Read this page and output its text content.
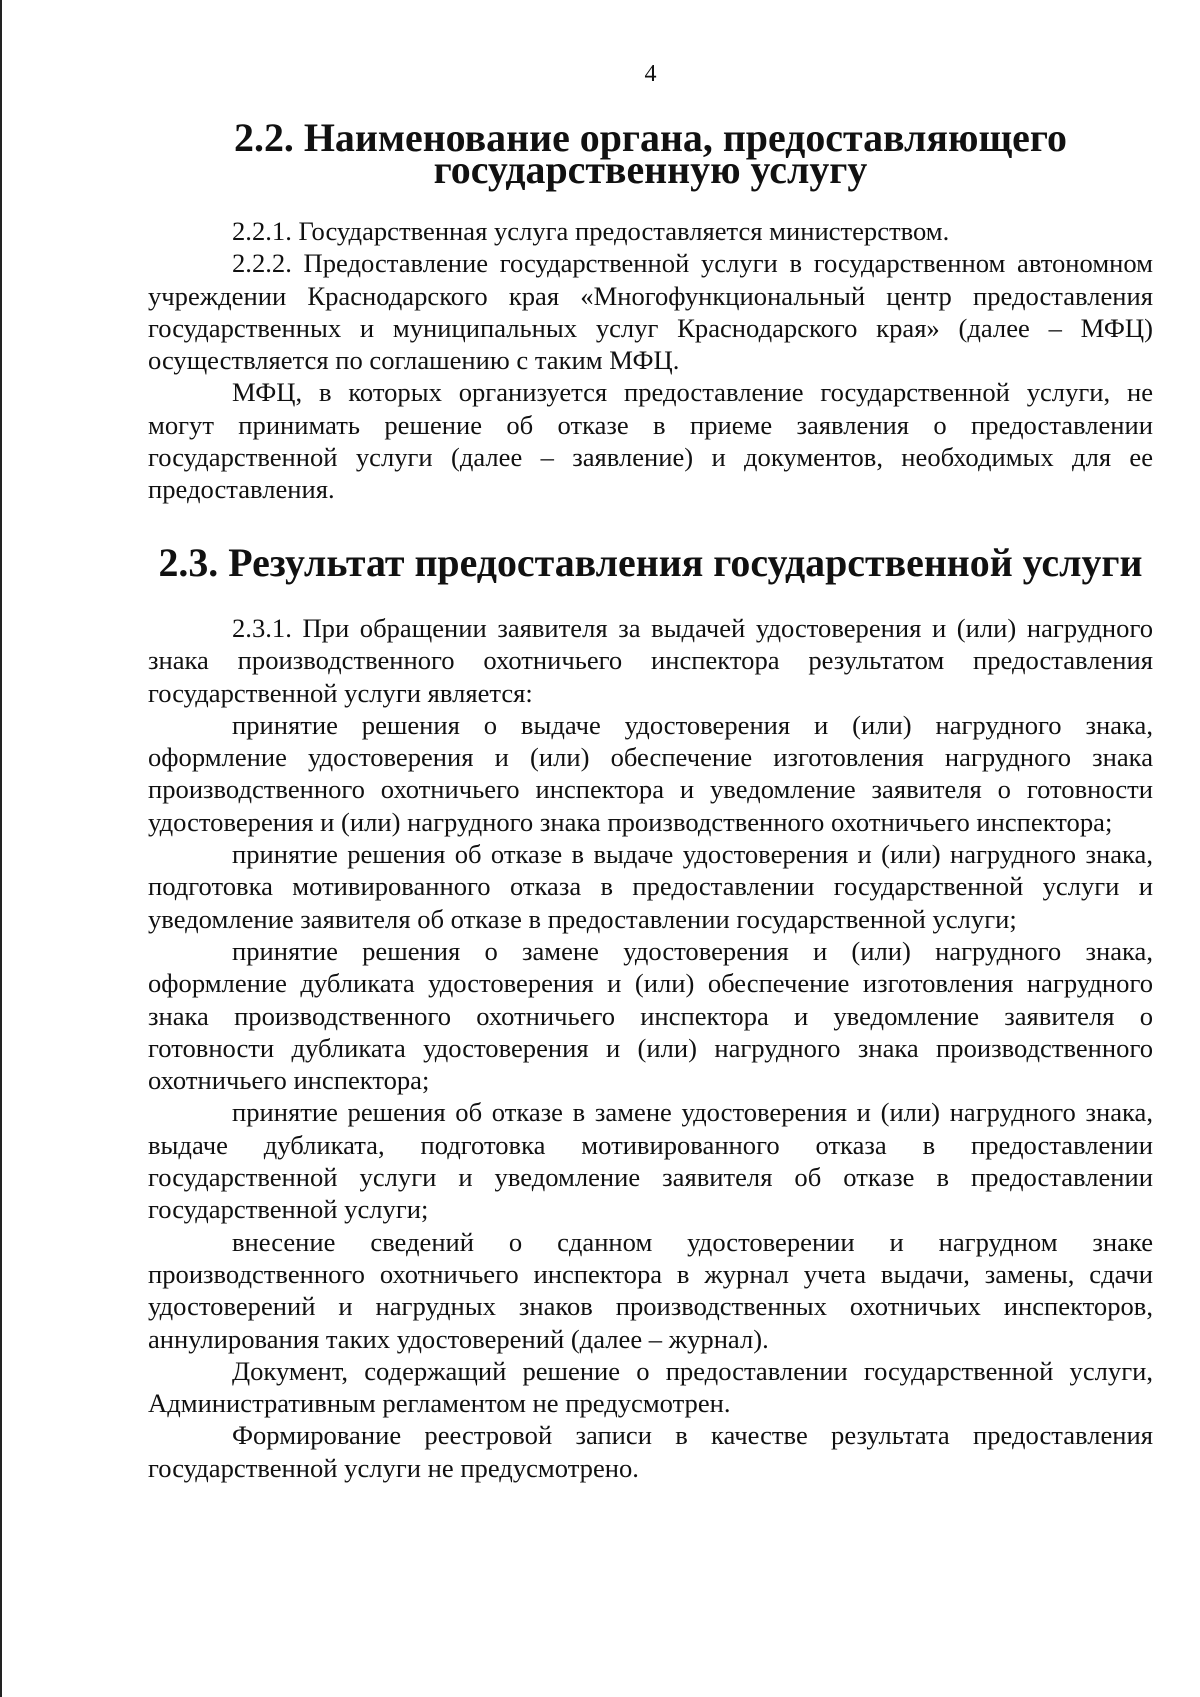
4
2.2. Наименование органа, предоставляющего
государственную услугу

2.2.1. Государственная услуга предоставляется министерством.

2.2.2. Предоставление государственной услуги в государственном автономном учреждении Краснодарского края «Многофункциональный центр предоставления государственных и муниципальных услуг Краснодарского края» (далее – МФЦ) осуществляется по соглашению с таким МФЦ.

МФЦ, в которых организуется предоставление государственной услуги, не могут принимать решение об отказе в приеме заявления о предоставлении государственной услуги (далее – заявление) и документов, необходимых для ее предоставления.

2.3. Результат предоставления государственной услуги

2.3.1. При обращении заявителя за выдачей удостоверения и (или) нагрудного знака производственного охотничьего инспектора результатом предоставления государственной услуги является:

принятие решения о выдаче удостоверения и (или) нагрудного знака, оформление удостоверения и (или) обеспечение изготовления нагрудного знака производственного охотничьего инспектора и уведомление заявителя о готовности удостоверения и (или) нагрудного знака производственного охотничьего инспектора;

принятие решения об отказе в выдаче удостоверения и (или) нагрудного знака, подготовка мотивированного отказа в предоставлении государственной услуги и уведомление заявителя об отказе в предоставлении государственной услуги;

принятие решения о замене удостоверения и (или) нагрудного знака, оформление дубликата удостоверения и (или) обеспечение изготовления нагрудного знака производственного охотничьего инспектора и уведомление заявителя о готовности дубликата удостоверения и (или) нагрудного знака производственного охотничьего инспектора;

принятие решения об отказе в замене удостоверения и (или) нагрудного знака, выдаче дубликата, подготовка мотивированного отказа в предоставлении государственной услуги и уведомление заявителя об отказе в предоставлении государственной услуги;

внесение сведений о сданном удостоверении и нагрудном знаке производственного охотничьего инспектора в журнал учета выдачи, замены, сдачи удостоверений и нагрудных знаков производственных охотничьих инспекторов, аннулирования таких удостоверений (далее – журнал).

Документ, содержащий решение о предоставлении государственной услуги, Административным регламентом не предусмотрен.

Формирование реестровой записи в качестве результата предоставления государственной услуги не предусмотрено.
